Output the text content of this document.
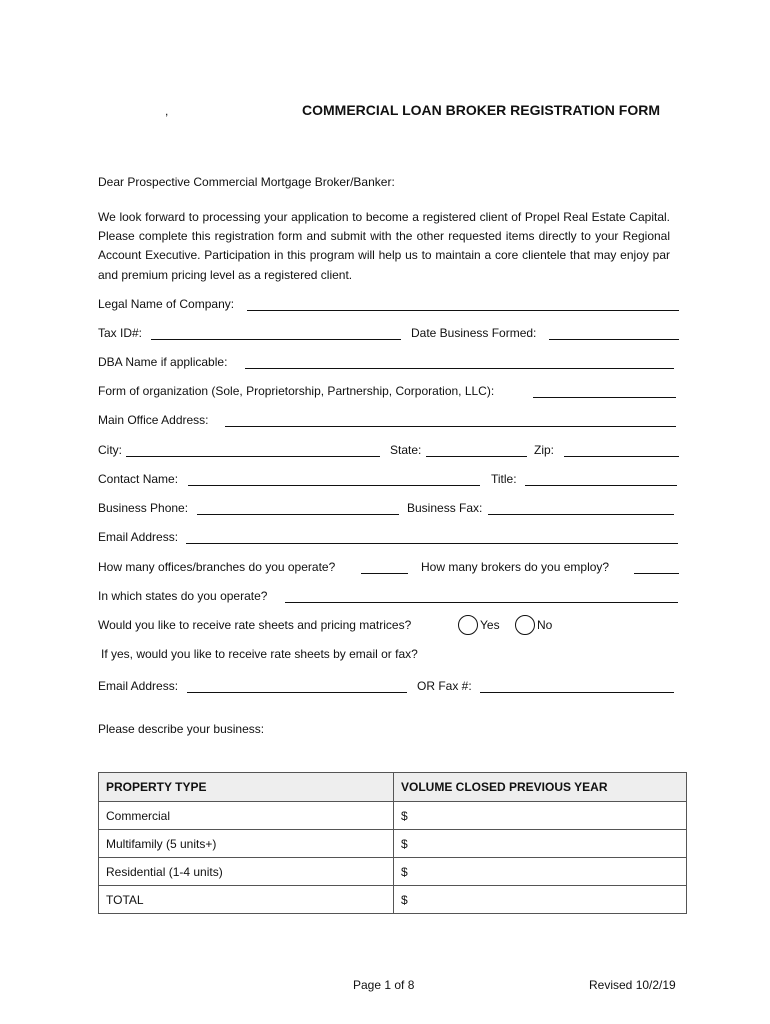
,	COMMERCIAL LOAN BROKER REGISTRATION FORM
Dear Prospective Commercial Mortgage Broker/Banker:
We look forward to processing your application to become a registered client of Propel Real Estate Capital. Please complete this registration form and submit with the other requested items directly to your Regional Account Executive. Participation in this program will help us to maintain a core clientele that may enjoy par and premium pricing level as a registered client.
Legal Name of Company:
Tax ID#:	Date Business Formed:
DBA Name if applicable:
Form of organization (Sole, Proprietorship, Partnership, Corporation, LLC):
Main Office Address:
City:	State:	Zip:
Contact Name:	Title:
Business Phone:	Business Fax:
Email Address:
How many offices/branches do you operate?	How many brokers do you employ?
In which states do you operate?
Would you like to receive rate sheets and pricing matrices?	Yes	No
If yes, would you like to receive rate sheets by email or fax?
Email Address:	OR Fax #:
Please describe your business:
PROPERTY TYPE	VOLUME CLOSED PREVIOUS YEAR
Commercial	$
Multifamily (5 units+)	$
Residential (1-4 units)	$
TOTAL	$
Page 1 of 8	Revised 10/2/19
